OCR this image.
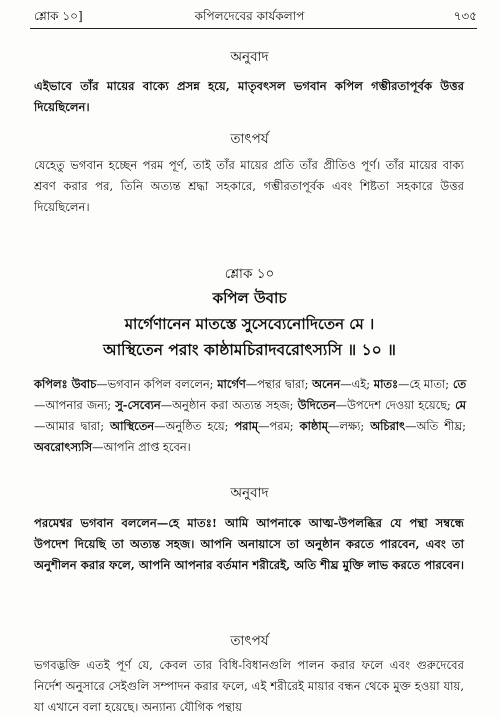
শ্লোক ১০]	কপিলদেবের কার্যকলাপ	৭৩৫
অনুবাদ
এইভাবে তাঁর মায়ের বাক্যে প্রসন্ন হয়ে, মাতৃবৎসল ভগবান কপিল গম্ভীরতাপূর্বক উত্তর দিয়েছিলেন।
তাৎপর্য
যেহেতু ভগবান হচ্ছেন পরম পূর্ণ, তাই তাঁর মায়ের প্রতি তাঁর প্রীতিও পূর্ণ। তাঁর মায়ের বাক্য শ্রবণ করার পর, তিনি অত্যন্ত শ্রদ্ধা সহকারে, গম্ভীরতাপূর্বক এবং শিষ্টতা সহকারে উত্তর দিয়েছিলেন।
শ্লোক ১০
কপিল উবাচ
মার্গেণানেন মাতস্তে সুসেব্যেনোদিতেন মে ।
আস্থিতেন পরাং কাষ্ঠামচিরাদবরোৎস্যসি ॥ ১০ ॥
কপিলঃ উবাচ—ভগবান কপিল বললেন; মার্গেণ—পন্থার দ্বারা; অনেন—এই; মাতঃ—হে মাতা; তে—আপনার জন্য; সু-সেব্যেন—অনুষ্ঠান করা অত্যন্ত সহজ; উদিতেন—উপদেশ দেওয়া হয়েছে; মে—আমার দ্বারা; আস্থিতেন—অনুষ্ঠিত হয়ে; পরাম্—পরম; কাষ্ঠাম্—লক্ষ্য; অচিরাৎ—অতি শীঘ্র; অবরোৎস্যসি—আপনি প্রাপ্ত হবেন।
অনুবাদ
পরমেশ্বর ভগবান বললেন—হে মাতঃ! আমি আপনাকে আত্ম-উপলব্ধির যে পন্থা সম্বন্ধে উপদেশ দিয়েছি তা অত্যন্ত সহজ। আপনি অনায়াসে তা অনুষ্ঠান করতে পারবেন, এবং তা অনুশীলন করার ফলে, আপনি আপনার বর্তমান শরীরেই, অতি শীঘ্র মুক্তি লাভ করতে পারবেন।
তাৎপর্য
ভগবদ্ভক্তি এতই পূর্ণ যে, কেবল তার বিধি-বিধানগুলি পালন করার ফলে এবং গুরুদেবের নির্দেশ অনুসারে সেইগুলি সম্পাদন করার ফলে, এই শরীরেই মায়ার বন্ধন থেকে মুক্ত হওয়া যায়, যা এখানে বলা হয়েছে। অন্যান্য যৌগিক পন্থায়
